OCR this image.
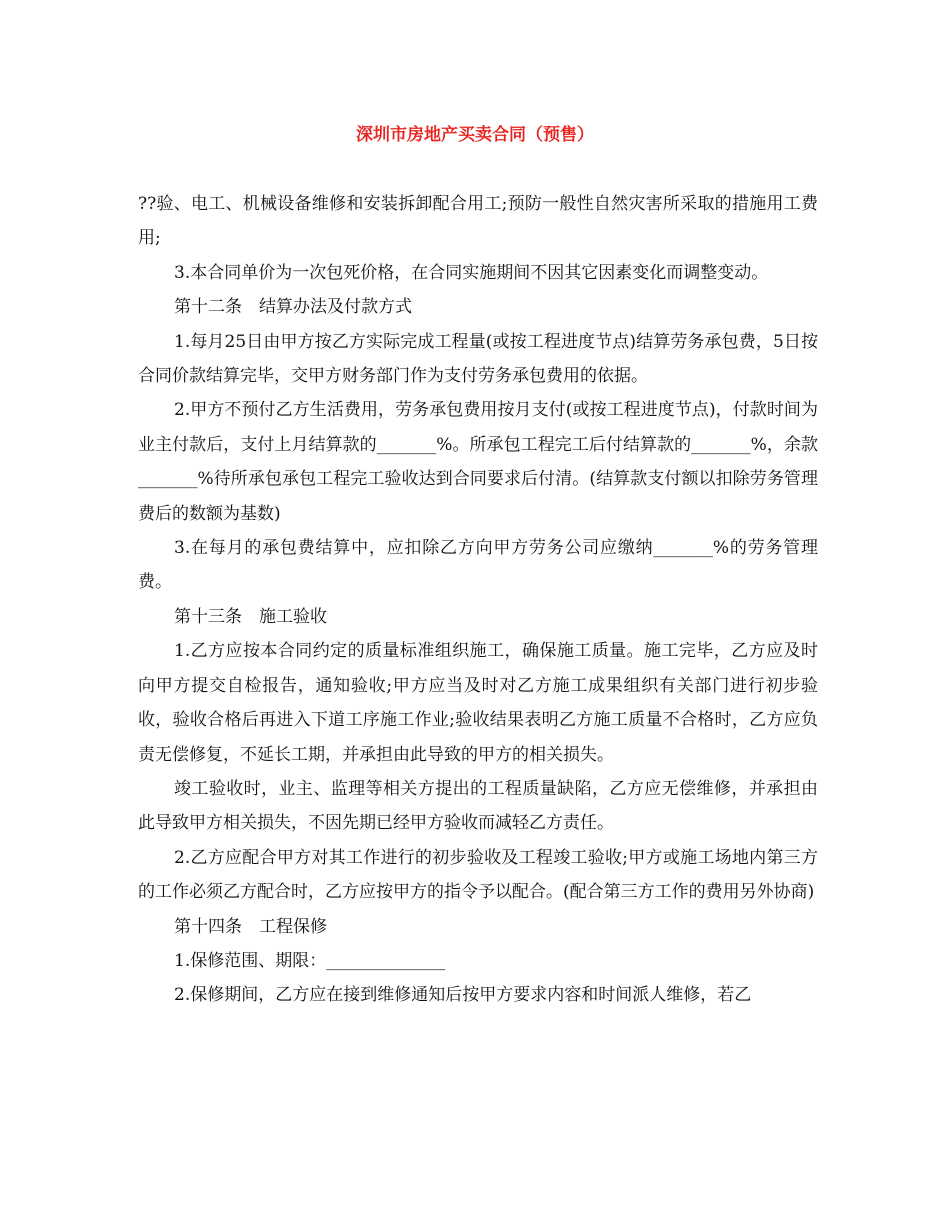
深圳市房地产买卖合同（预售）

??验、电工、机械设备维修和安装拆卸配合用工;预防一般性自然灾害所采取的措施用工费用;

3.本合同单价为一次包死价格，在合同实施期间不因其它因素变化而调整变动。

第十二条　结算办法及付款方式

1.每月25日由甲方按乙方实际完成工程量(或按工程进度节点)结算劳务承包费，5日按合同价款结算完毕，交甲方财务部门作为支付劳务承包费用的依据。

2.甲方不预付乙方生活费用，劳务承包费用按月支付(或按工程进度节点)，付款时间为业主付款后，支付上月结算款的_______%。所承包工程完工后付结算款的_______%，余款_______%待所承包承包工程完工验收达到合同要求后付清。(结算款支付额以扣除劳务管理费后的数额为基数)

3.在每月的承包费结算中，应扣除乙方向甲方劳务公司应缴纳_______%的劳务管理费。

第十三条　施工验收

1.乙方应按本合同约定的质量标准组织施工，确保施工质量。施工完毕，乙方应及时向甲方提交自检报告，通知验收;甲方应当及时对乙方施工成果组织有关部门进行初步验收，验收合格后再进入下道工序施工作业;验收结果表明乙方施工质量不合格时，乙方应负责无偿修复，不延长工期，并承担由此导致的甲方的相关损失。

竣工验收时，业主、监理等相关方提出的工程质量缺陷，乙方应无偿维修，并承担由此导致甲方相关损失，不因先期已经甲方验收而减轻乙方责任。

2.乙方应配合甲方对其工作进行的初步验收及工程竣工验收;甲方或施工场地内第三方的工作必须乙方配合时，乙方应按甲方的指令予以配合。(配合第三方工作的费用另外协商)

第十四条　工程保修

1.保修范围、期限：______________

2.保修期间，乙方应在接到维修通知后按甲方要求内容和时间派人维修，若乙
